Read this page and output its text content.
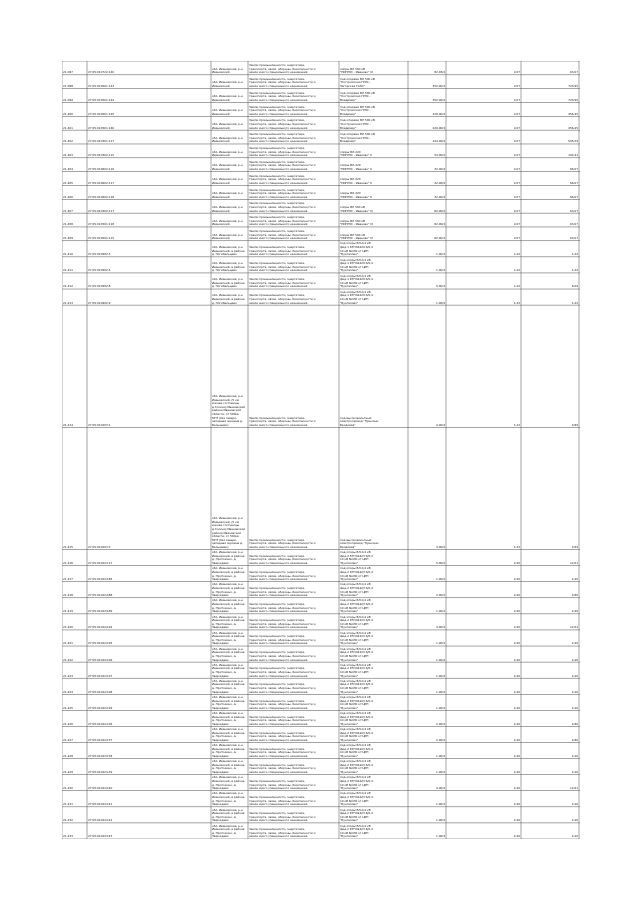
21-097	27:05:010722:140
обл. Ивановская, р-н
Ивановский
Земли промышленности, энергетики,
транспорта, связи, обороны, безопасности и
земли иного специального назначения
опоры ВЛ 500 кВ
"НИГРЭС - Иваново" III	82,45/4	2,07	63,07
21-098	27:05:010501:143
обл. Ивановская, р-н
Ивановский
Земли промышленности, энергетики,
транспорта, связи, обороны, безопасности и
земли иного специального назначения
под опорами ВЛ 500 кВ
"Костромская ГРЭС -
Загорская ГАЭС"	352,00/4	2,07	720,95
21-099	27:05:010501:144
обл. Ивановская, р-н
Ивановский
Земли промышленности, энергетики,
транспорта, связи, обороны, безопасности и
земли иного специального назначения
под опорами ВЛ 500 кВ
"Костромская ГРЭС -
Владимир"	352,00/4	2,07	720,95
21-400	27:05:010501:145
обл. Ивановская, р-н
Ивановский
Земли промышленности, энергетики,
транспорта, связи, обороны, безопасности и
земли иного специального назначения
под опорами ВЛ 500 кВ
"Костромская ГРЭС -
Владимир"	220,00/4	2,07	456,45
21-401	27:05:010501:146
обл. Ивановская, р-н
Ивановский
Земли промышленности, энергетики,
транспорта, связи, обороны, безопасности и
земли иного специального назначения
под опорами ВЛ 500 кВ
"Костромская ГРЭС -
Владимир"	220,00/4	2,07	456,45
21-402	27:05:010301:117
обл. Ивановская, р-н
Ивановский
Земли промышленности, энергетики,
транспорта, связи, обороны, безопасности и
земли иного специального назначения
под опорами ВЛ 500 кВ
"Костромская ГРЭС -
Владимир"	244,00/4	2,07	505,59
21-403	27:05:010302:115
обл. Ивановская, р-н
Ивановский
Земли промышленности, энергетики,
транспорта, связи, обороны, безопасности и
земли иного специального назначения
опоры ВЛ-220
"НИГРЭС - Иваново" II	54,00/4	2,07	104,41
21-404	27:05:010602:116
обл. Ивановская, р-н
Ивановский
Земли промышленности, энергетики,
транспорта, связи, обороны, безопасности и
земли иного специального назначения
опоры ВЛ-220
"НИГРЭС - Иваново" II	32,00/4	2,07	66,07
21-405	27:05:010602:117
обл. Ивановская, р-н
Ивановский
Земли промышленности, энергетики,
транспорта, связи, обороны, безопасности и
земли иного специального назначения
опоры ВЛ-220
"НИГРЭС - Иваново" II	32,00/4	2,07	66,07
21-406	27:05:010602:118
обл. Ивановская, р-н
Ивановский
Земли промышленности, энергетики,
транспорта, связи, обороны, безопасности и
земли иного специального назначения
опоры ВЛ-220
"НИГРЭС - Иваново" II	32,00/4	2,07	66,07
21-407	27:05:010302:117
обл. Ивановская, р-н
Ивановский
Земли промышленности, энергетики,
транспорта, связи, обороны, безопасности и
земли иного специального назначения
опоры ВЛ 500 кВ
"НИГРЭС - Иваново" III	82,00/4	2,07	63,07
21-408	27:05:010501:118
обл. Ивановская, р-н
Ивановский
Земли промышленности, энергетики,
транспорта, связи, обороны, безопасности и
земли иного специального назначения
опоры ВЛ 500 кВ
"НИГРЭС - Иваново" III	82,00/4	2,07	63,07
21-409	27:05:010501:115
обл. Ивановская, р-н
Ивановский
Земли промышленности, энергетики,
транспорта, связи, обороны, безопасности и
земли иного специального назначения
опоры ВЛ 500 кВ
"НИГРЭС - Иваново" III	82,00/4	2,07	63,07
21-410	27:05:010902:3
обл. Ивановская, р-н
Ивановский, в районе
д. Погибельцево
Земли промышленности, энергетики,
транспорта, связи, обороны, безопасности и
земли иного специального назначения
под опоры ВЛ-0,4 кВ
фид.1 КТП №429 6/0,4
10 кВ №430 от ЦРП
"Бунгалово"	1,00/4	1,22	1,22
21-411	27:05:010902:4
обл. Ивановская, р-н
Ивановский, в районе
д. Погибельцево
Земли промышленности, энергетики,
транспорта, связи, обороны, безопасности и
земли иного специального назначения
под опоры ВЛ-0,4 кВ
фид.1 КТП №429 6/0,4
10 кВ №430 от ЦРП
"Бунгалово"	1,00/4	1,22	1,22
21-412	27:05:010902:8
обл. Ивановская, р-н
Ивановский, в районе
д. Погибельцево
Земли промышленности, энергетики,
транспорта, связи, обороны, безопасности и
земли иного специального назначения
под опоры ВЛ-0,4 кВ
фид.1 КТП №429 6/0,4
10 кВ №430 от ЦРП
"Бунгалово"	5,00/4	1,22	6,09
21-413	27:05:010902:9
обл. Ивановская, р-н
Ивановский, в районе
д. Погибельцево
Земли промышленности, энергетики,
транспорта, связи, обороны, безопасности и
земли иного специального назначения
под опоры ВЛ-0,4 кВ
фид.1 КТП №429 6/0,4
10 кВ №430 от ЦРП
"Бунгалово"	1,00/4	1,22	1,22
21-414	27:05:010203:1
обл. Ивановская, р-н
Ивановский, (5 км
южнее гостиницы
д.Голино) Ивановский
района Ивановской
области; от 500кв
МГЭ (без северо-
западная окраина д. Белышево)
Земли промышленности, энергетики,
транспорта, связи, обороны, безопасности и
земли иного специального назначения
под высоковольтный
электропровод "Пушкино-
Бродовая"	4,00/4	1,22	4,89
21-415	27:05:010203:3
обл. Ивановская, р-н
Ивановский, (5 км
южнее гостиницы
д.Голино) Ивановский
района Ивановской
области; от 500кв
МГЭ (без северо-
западная окраина д. Белышево)
Земли промышленности, энергетики,
транспорта, связи, обороны, безопасности и
земли иного специального назначения
под высоковольтный
электропровод "Пушкино-
Бродовая"	4,00/4	1,22	4,89
21-416	27:05:010224:17
обл. Ивановская, р-н
Ивановский, в районе
д. Притокино, д.
Зверждево
Земли промышленности, энергетики,
транспорта, связи, обороны, безопасности и
земли иного специального назначения
под опоры ВЛ-0,4 кВ
фид.2 КТП №423 6/0,4
10 кВ №430 от ЦРП
"Бунгалово"	5,00/4	2,40	12,01
21-417	27:05:010224:85
обл. Ивановская, р-н
Ивановский, в районе
д. Притокино, д.
Зверждево
Земли промышленности, энергетики,
транспорта, связи, обороны, безопасности и
земли иного специального назначения
под опоры ВЛ-0,4 кВ
фид.2 КТП №423 6/0,4
10 кВ №430 от ЦРП
"Бунгалово"	1,00/4	2,40	2,40
21-418	27:05:010224:88
обл. Ивановская, р-н
Ивановский, в районе
д. Притокино, д.
Зверждево
Земли промышленности, энергетики,
транспорта, связи, обороны, безопасности и
земли иного специального назначения
под опоры ВЛ-0,4 кВ
фид.2 КТП №423 6/0,4
10 кВ №430 от ЦРП
"Бунгалово"	2,00/4	2,40	4,80
21-419	27:05:010224:89
обл. Ивановская, р-н
Ивановский, в районе
д. Притокино, д.
Зверждево
Земли промышленности, энергетики,
транспорта, связи, обороны, безопасности и
земли иного специального назначения
под опоры ВЛ-0,4 кВ
фид.2 КТП №423 6/0,4
10 кВ №430 от ЦРП
"Бунгалово"	1,00/4	2,40	2,40
21-420	27:05:010224:94
обл. Ивановская, р-н
Ивановский, в районе
д. Притокино, д.
Зверждево
Земли промышленности, энергетики,
транспорта, связи, обороны, безопасности и
земли иного специального назначения
под опоры ВЛ-0,4 кВ
фид.2 КТП №423 6/0,4
10 кВ №430 от ЦРП
"Бунгалово"	4,00/4	2,40	12,01
21-421	27:05:010224:95
обл. Ивановская, р-н
Ивановский, в районе
д. Притокино, д.
Зверждево
Земли промышленности, энергетики,
транспорта, связи, обороны, безопасности и
земли иного специального назначения
под опоры ВЛ-0,4 кВ
фид.2 КТП №423 6/0,4
10 кВ №430 от ЦРП
"Бунгалово"	1,00/4	2,40	2,40
21-422	27:05:010224:96
обл. Ивановская, р-н
Ивановский, в районе
д. Притокино, д.
Зверждево
Земли промышленности, энергетики,
транспорта, связи, обороны, безопасности и
земли иного специального назначения
под опоры ВЛ-0,4 кВ
фид.2 КТП №423 6/0,4
10 кВ №430 от ЦРП
"Бунгалово"	1,00/4	2,40	2,40
21-423	27:05:010224:97
обл. Ивановская, р-н
Ивановский, в районе
д. Притокино, д.
Зверждево
Земли промышленности, энергетики,
транспорта, связи, обороны, безопасности и
земли иного специального назначения
под опоры ВЛ-0,4 кВ
фид.2 КТП №423 6/0,4
10 кВ №430 от ЦРП
"Бунгалово"	1,00/4	2,40	2,40
21-424	27:05:010224:98
обл. Ивановская, р-н
Ивановский, в районе
д. Притокино, д.
Зверждево
Земли промышленности, энергетики,
транспорта, связи, обороны, безопасности и
земли иного специального назначения
под опоры ВЛ-0,4 кВ
фид.2 КТП №423 6/0,4
10 кВ №430 от ЦРП
"Бунгалово"	1,00/4	2,40	2,40
21-425	27:05:010224:99
обл. Ивановская, р-н
Ивановский, в районе
д. Притокино, д.
Зверждево
Земли промышленности, энергетики,
транспорта, связи, обороны, безопасности и
земли иного специального назначения
под опоры ВЛ-0,4 кВ
фид.2 КТП №423 6/0,4
10 кВ №430 от ЦРП
"Бунгалово"	1,00/4	2,40	2,40
21-426	27:05:010224:36
обл. Ивановская, р-н
Ивановский, в районе
д. Притокино, д.
Зверждево
Земли промышленности, энергетики,
транспорта, связи, обороны, безопасности и
земли иного специального назначения
под опоры ВЛ-0,4 кВ
фид.2 КТП №423 6/0,4
10 кВ №430 от ЦРП
"Бунгалово"	2,00/4	2,40	4,80
21-427	27:05:010224:37
обл. Ивановская, р-н
Ивановский, в районе
д. Притокино, д.
Зверждево
Земли промышленности, энергетики,
транспорта, связи, обороны, безопасности и
земли иного специального назначения
под опоры ВЛ-0,4 кВ
фид.2 КТП №423 6/0,4
10 кВ №430 от ЦРП
"Бунгалово"	2,00/4	2,40	4,80
21-428	27:05:010224:38
обл. Ивановская, р-н
Ивановский, в районе
д. Притокино, д.
Зверждево
Земли промышленности, энергетики,
транспорта, связи, обороны, безопасности и
земли иного специального назначения
под опоры ВЛ-0,4 кВ
фид.2 КТП №423 6/0,4
10 кВ №430 от ЦРП
"Бунгалово"	1,00/4	2,40	2,40
21-429	27:05:010224:39
обл. Ивановская, р-н
Ивановский, в районе
д. Притокино, д.
Зверждево
Земли промышленности, энергетики,
транспорта, связи, обороны, безопасности и
земли иного специального назначения
под опоры ВЛ-0,4 кВ
фид.2 КТП №423 6/0,4
10 кВ №430 от ЦРП
"Бунгалово"	1,00/4	2,40	2,40
21-430	27:05:010224:40
обл. Ивановская, р-н
Ивановский, в районе
д. Притокино, д.
Зверждево
Земли промышленности, энергетики,
транспорта, связи, обороны, безопасности и
земли иного специального назначения
под опоры ВЛ-0,4 кВ
фид.2 КТП №423 6/0,4
10 кВ №430 от ЦРП
"Бунгалово"	4,00/4	2,40	12,01
21-431	27:05:010224:41
обл. Ивановская, р-н
Ивановский, в районе
д. Притокино, д.
Зверждево
Земли промышленности, энергетики,
транспорта, связи, обороны, безопасности и
земли иного специального назначения
под опоры ВЛ-0,4 кВ
фид.2 КТП №423 6/0,4
10 кВ №430 от ЦРП
"Бунгалово"	1,00/4	2,40	2,40
21-432	27:05:010224:42
обл. Ивановская, р-н
Ивановский, в районе
д. Притокино, д.
Зверждево
Земли промышленности, энергетики,
транспорта, связи, обороны, безопасности и
земли иного специального назначения
под опоры ВЛ-0,4 кВ
фид.2 КТП №423 6/0,4
10 кВ №430 от ЦРП
"Бунгалово"	1,00/4	2,40	2,40
21-433	27:05:010224:43
обл. Ивановская, р-н
Ивановский, в районе
д. Притокино, д.
Зверждево
Земли промышленности, энергетики,
транспорта, связи, обороны, безопасности и
земли иного специального назначения
под опоры ВЛ-0,4 кВ
фид.2 КТП №423 6/0,4
10 кВ №430 от ЦРП
"Бунгалово"	1,00/4	2,40	2,40
